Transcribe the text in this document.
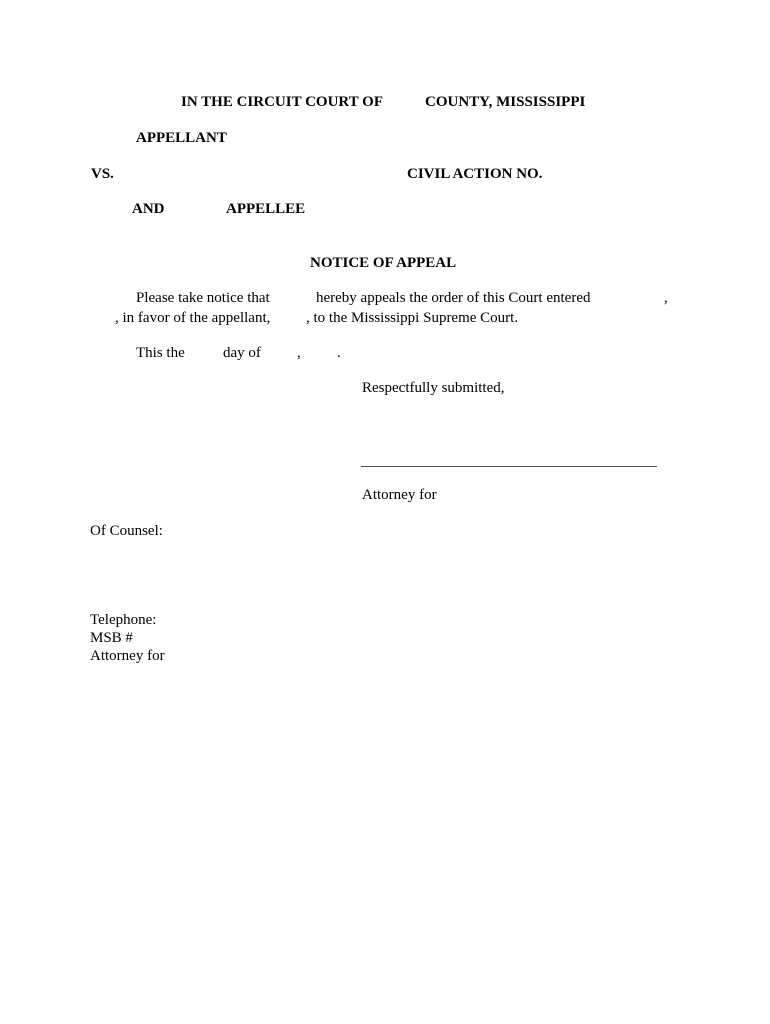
IN THE CIRCUIT COURT OF	COUNTY, MISSISSIPPI
APPELLANT
VS.	CIVIL ACTION NO.
AND	APPELLEE
NOTICE OF APPEAL
Please take notice that	hereby appeals the order of this Court entered	,
, in favor of the appellant, , to the Mississippi Supreme Court.
This the	day of , .
Respectfully submitted,
Attorney for
Of Counsel:
Telephone:
MSB #
Attorney for
